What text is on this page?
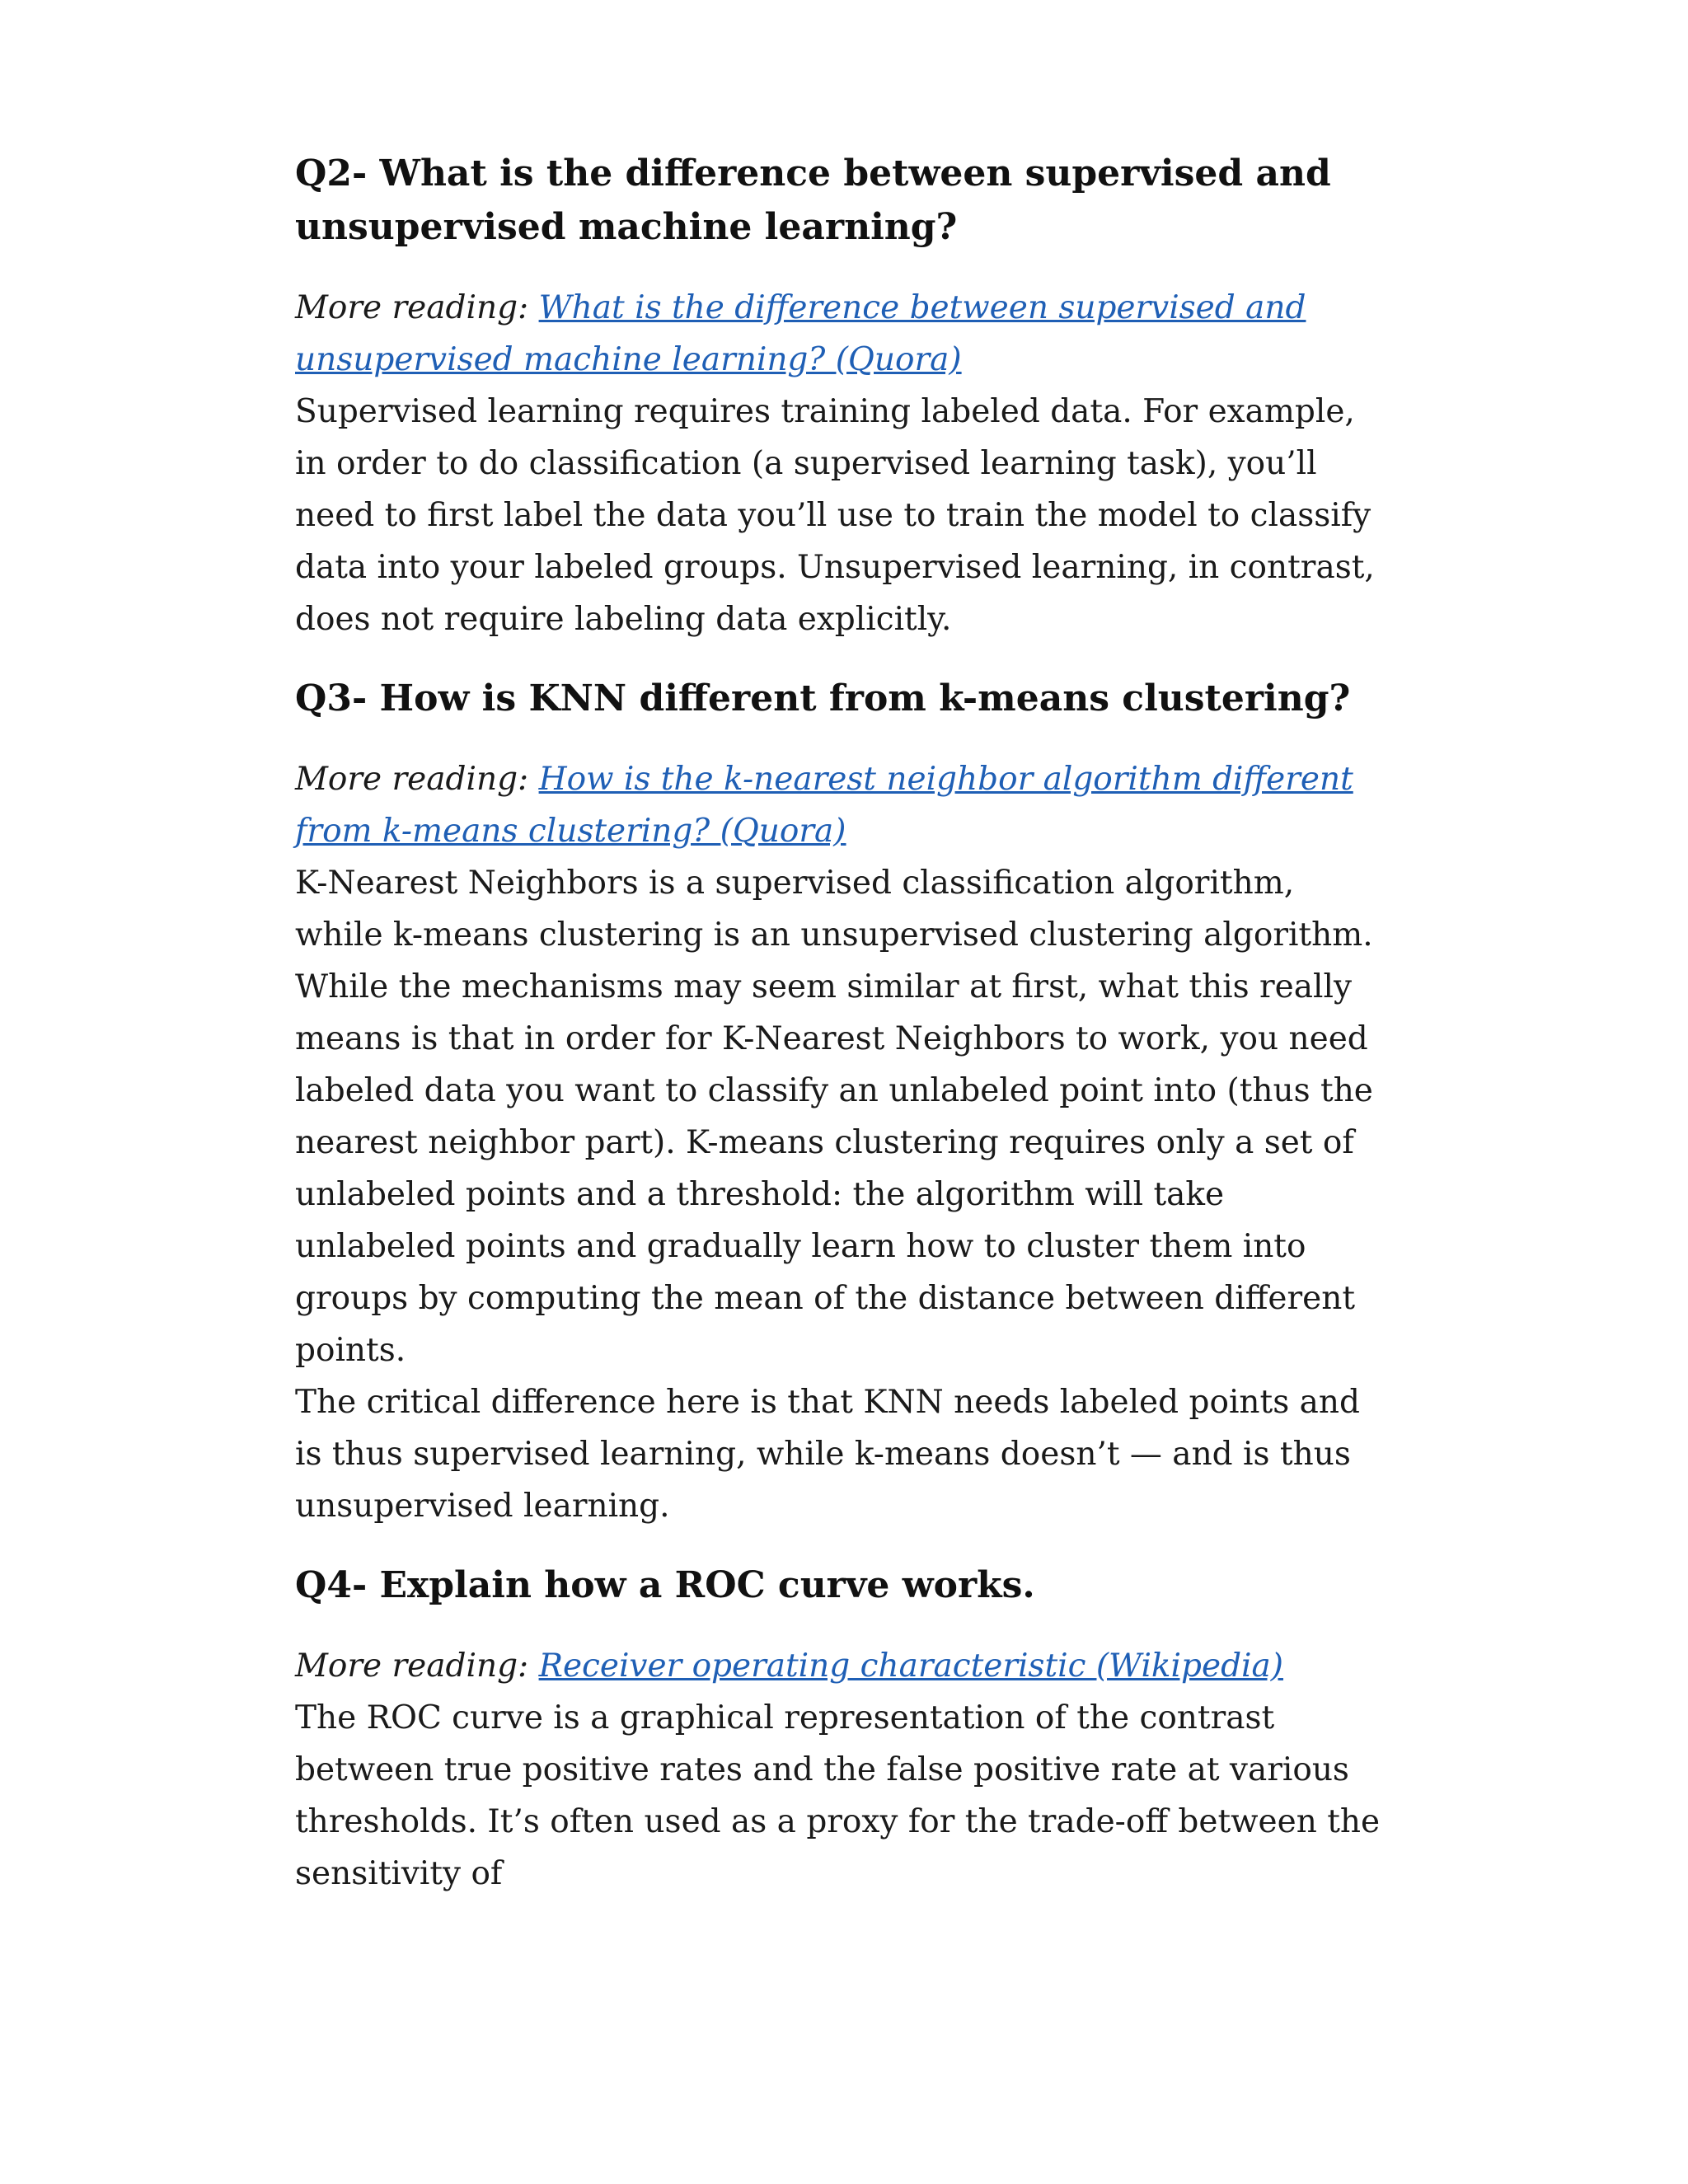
Q2- What is the difference between supervised and unsupervised machine learning?

More reading: What is the difference between supervised and unsupervised machine learning? (Quora)

Supervised learning requires training labeled data. For example, in order to do classification (a supervised learning task), you’ll need to first label the data you’ll use to train the model to classify data into your labeled groups. Unsupervised learning, in contrast, does not require labeling data explicitly.

Q3- How is KNN different from k-means clustering?

More reading: How is the k-nearest neighbor algorithm different from k-means clustering? (Quora)

K-Nearest Neighbors is a supervised classification algorithm, while k-means clustering is an unsupervised clustering algorithm. While the mechanisms may seem similar at first, what this really means is that in order for K-Nearest Neighbors to work, you need labeled data you want to classify an unlabeled point into (thus the nearest neighbor part). K-means clustering requires only a set of unlabeled points and a threshold: the algorithm will take unlabeled points and gradually learn how to cluster them into groups by computing the mean of the distance between different points.

The critical difference here is that KNN needs labeled points and is thus supervised learning, while k-means doesn’t — and is thus unsupervised learning.

Q4- Explain how a ROC curve works.

More reading: Receiver operating characteristic (Wikipedia)

The ROC curve is a graphical representation of the contrast between true positive rates and the false positive rate at various thresholds. It’s often used as a proxy for the trade-off between the sensitivity of
